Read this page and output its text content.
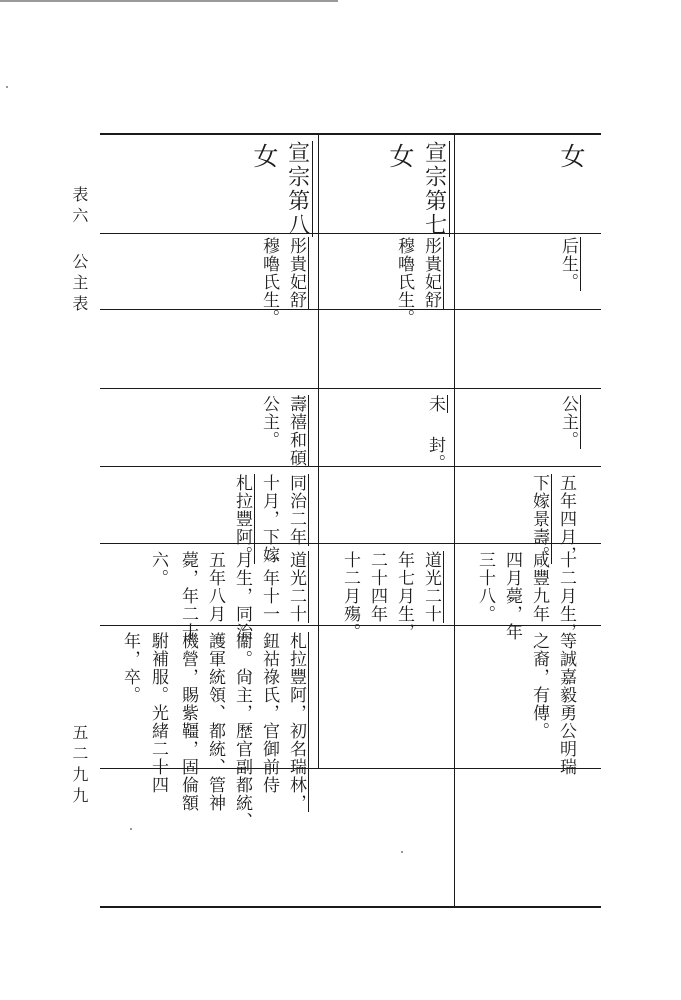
表六
公主表
五二九九
女
后生。
公主。
五年四月，
下嫁景壽。
十二月生，
咸豐九年
四月薨，年
三十八。
等誠嘉毅勇公明瑞
之裔，有傳。
宣宗第七
女
彤貴妃舒
穆嚕氏生。
未
封。
道光二十
年七月生，
二十四年
十二月殤。
宣宗第八
女
彤貴妃舒
穆嚕氏生。
壽禧和碩
公主。
同治二年
十月，下嫁
札拉豐阿。
道光二十
一年十一
月生，同治
五年八月
薨，年二十
六。
札拉豐阿，初名瑞林，
鈕祜祿氏，官御前侍
衞。尙主，歷官副都統、
護軍統領、都統、管神
機營，賜紫韁，固倫額
駙補服。光緒二十四
年，卒。
